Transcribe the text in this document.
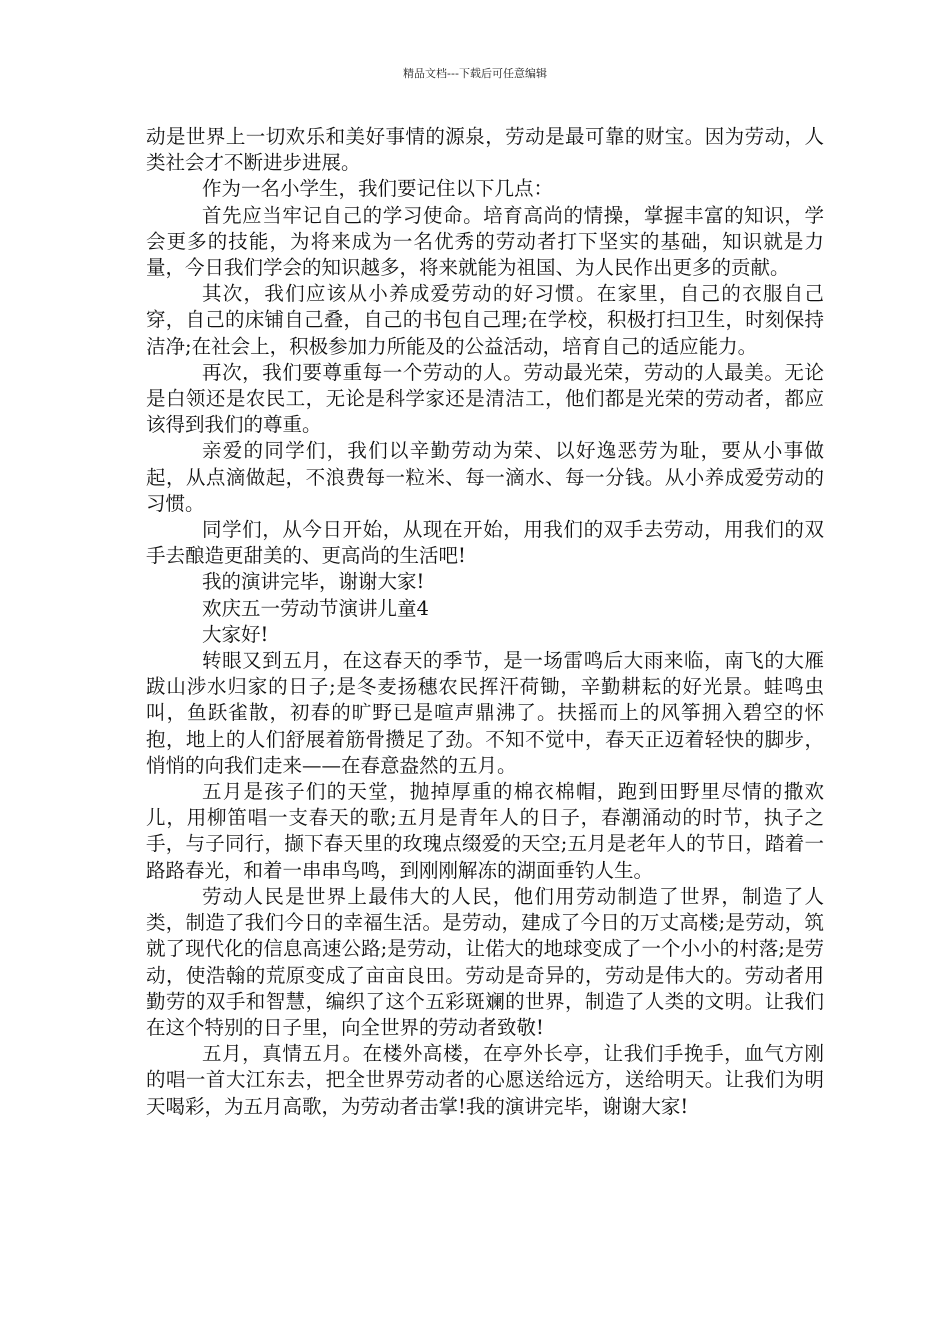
精品文档---下载后可任意编辑

动是世界上一切欢乐和美好事情的源泉，劳动是最可靠的财宝。因为劳动，人类社会才不断进步进展。

作为一名小学生，我们要记住以下几点：

首先应当牢记自己的学习使命。培育高尚的情操，掌握丰富的知识，学会更多的技能，为将来成为一名优秀的劳动者打下坚实的基础，知识就是力量，今日我们学会的知识越多，将来就能为祖国、为人民作出更多的贡献。

其次，我们应该从小养成爱劳动的好习惯。在家里，自己的衣服自己穿，自己的床铺自己叠，自己的书包自己理;在学校，积极打扫卫生，时刻保持洁净;在社会上，积极参加力所能及的公益活动，培育自己的适应能力。

再次，我们要尊重每一个劳动的人。劳动最光荣，劳动的人最美。无论是白领还是农民工，无论是科学家还是清洁工，他们都是光荣的劳动者，都应该得到我们的尊重。

亲爱的同学们，我们以辛勤劳动为荣、以好逸恶劳为耻，要从小事做起，从点滴做起，不浪费每一粒米、每一滴水、每一分钱。从小养成爱劳动的习惯。

同学们，从今日开始，从现在开始，用我们的双手去劳动，用我们的双手去酿造更甜美的、更高尚的生活吧!

我的演讲完毕，谢谢大家!

欢庆五一劳动节演讲儿童4

大家好!

转眼又到五月，在这春天的季节，是一场雷鸣后大雨来临，南飞的大雁跋山涉水归家的日子;是冬麦扬穗农民挥汗荷锄，辛勤耕耘的好光景。蛙鸣虫叫，鱼跃雀散，初春的旷野已是喧声鼎沸了。扶摇而上的风筝拥入碧空的怀抱，地上的人们舒展着筋骨攒足了劲。不知不觉中，春天正迈着轻快的脚步，悄悄的向我们走来——在春意盎然的五月。

五月是孩子们的天堂，抛掉厚重的棉衣棉帽，跑到田野里尽情的撒欢儿，用柳笛唱一支春天的歌;五月是青年人的日子，春潮涌动的时节，执子之手，与子同行，撷下春天里的玫瑰点缀爱的天空;五月是老年人的节日，踏着一路路春光，和着一串串鸟鸣，到刚刚解冻的湖面垂钓人生。

劳动人民是世界上最伟大的人民，他们用劳动制造了世界，制造了人类，制造了我们今日的幸福生活。是劳动，建成了今日的万丈高楼;是劳动，筑就了现代化的信息高速公路;是劳动，让偌大的地球变成了一个小小的村落;是劳动，使浩翰的荒原变成了亩亩良田。劳动是奇异的，劳动是伟大的。劳动者用勤劳的双手和智慧，编织了这个五彩斑斓的世界，制造了人类的文明。让我们在这个特别的日子里，向全世界的劳动者致敬!

五月，真情五月。在楼外高楼，在亭外长亭，让我们手挽手，血气方刚的唱一首大江东去，把全世界劳动者的心愿送给远方，送给明天。让我们为明天喝彩，为五月高歌，为劳动者击掌!我的演讲完毕，谢谢大家!
